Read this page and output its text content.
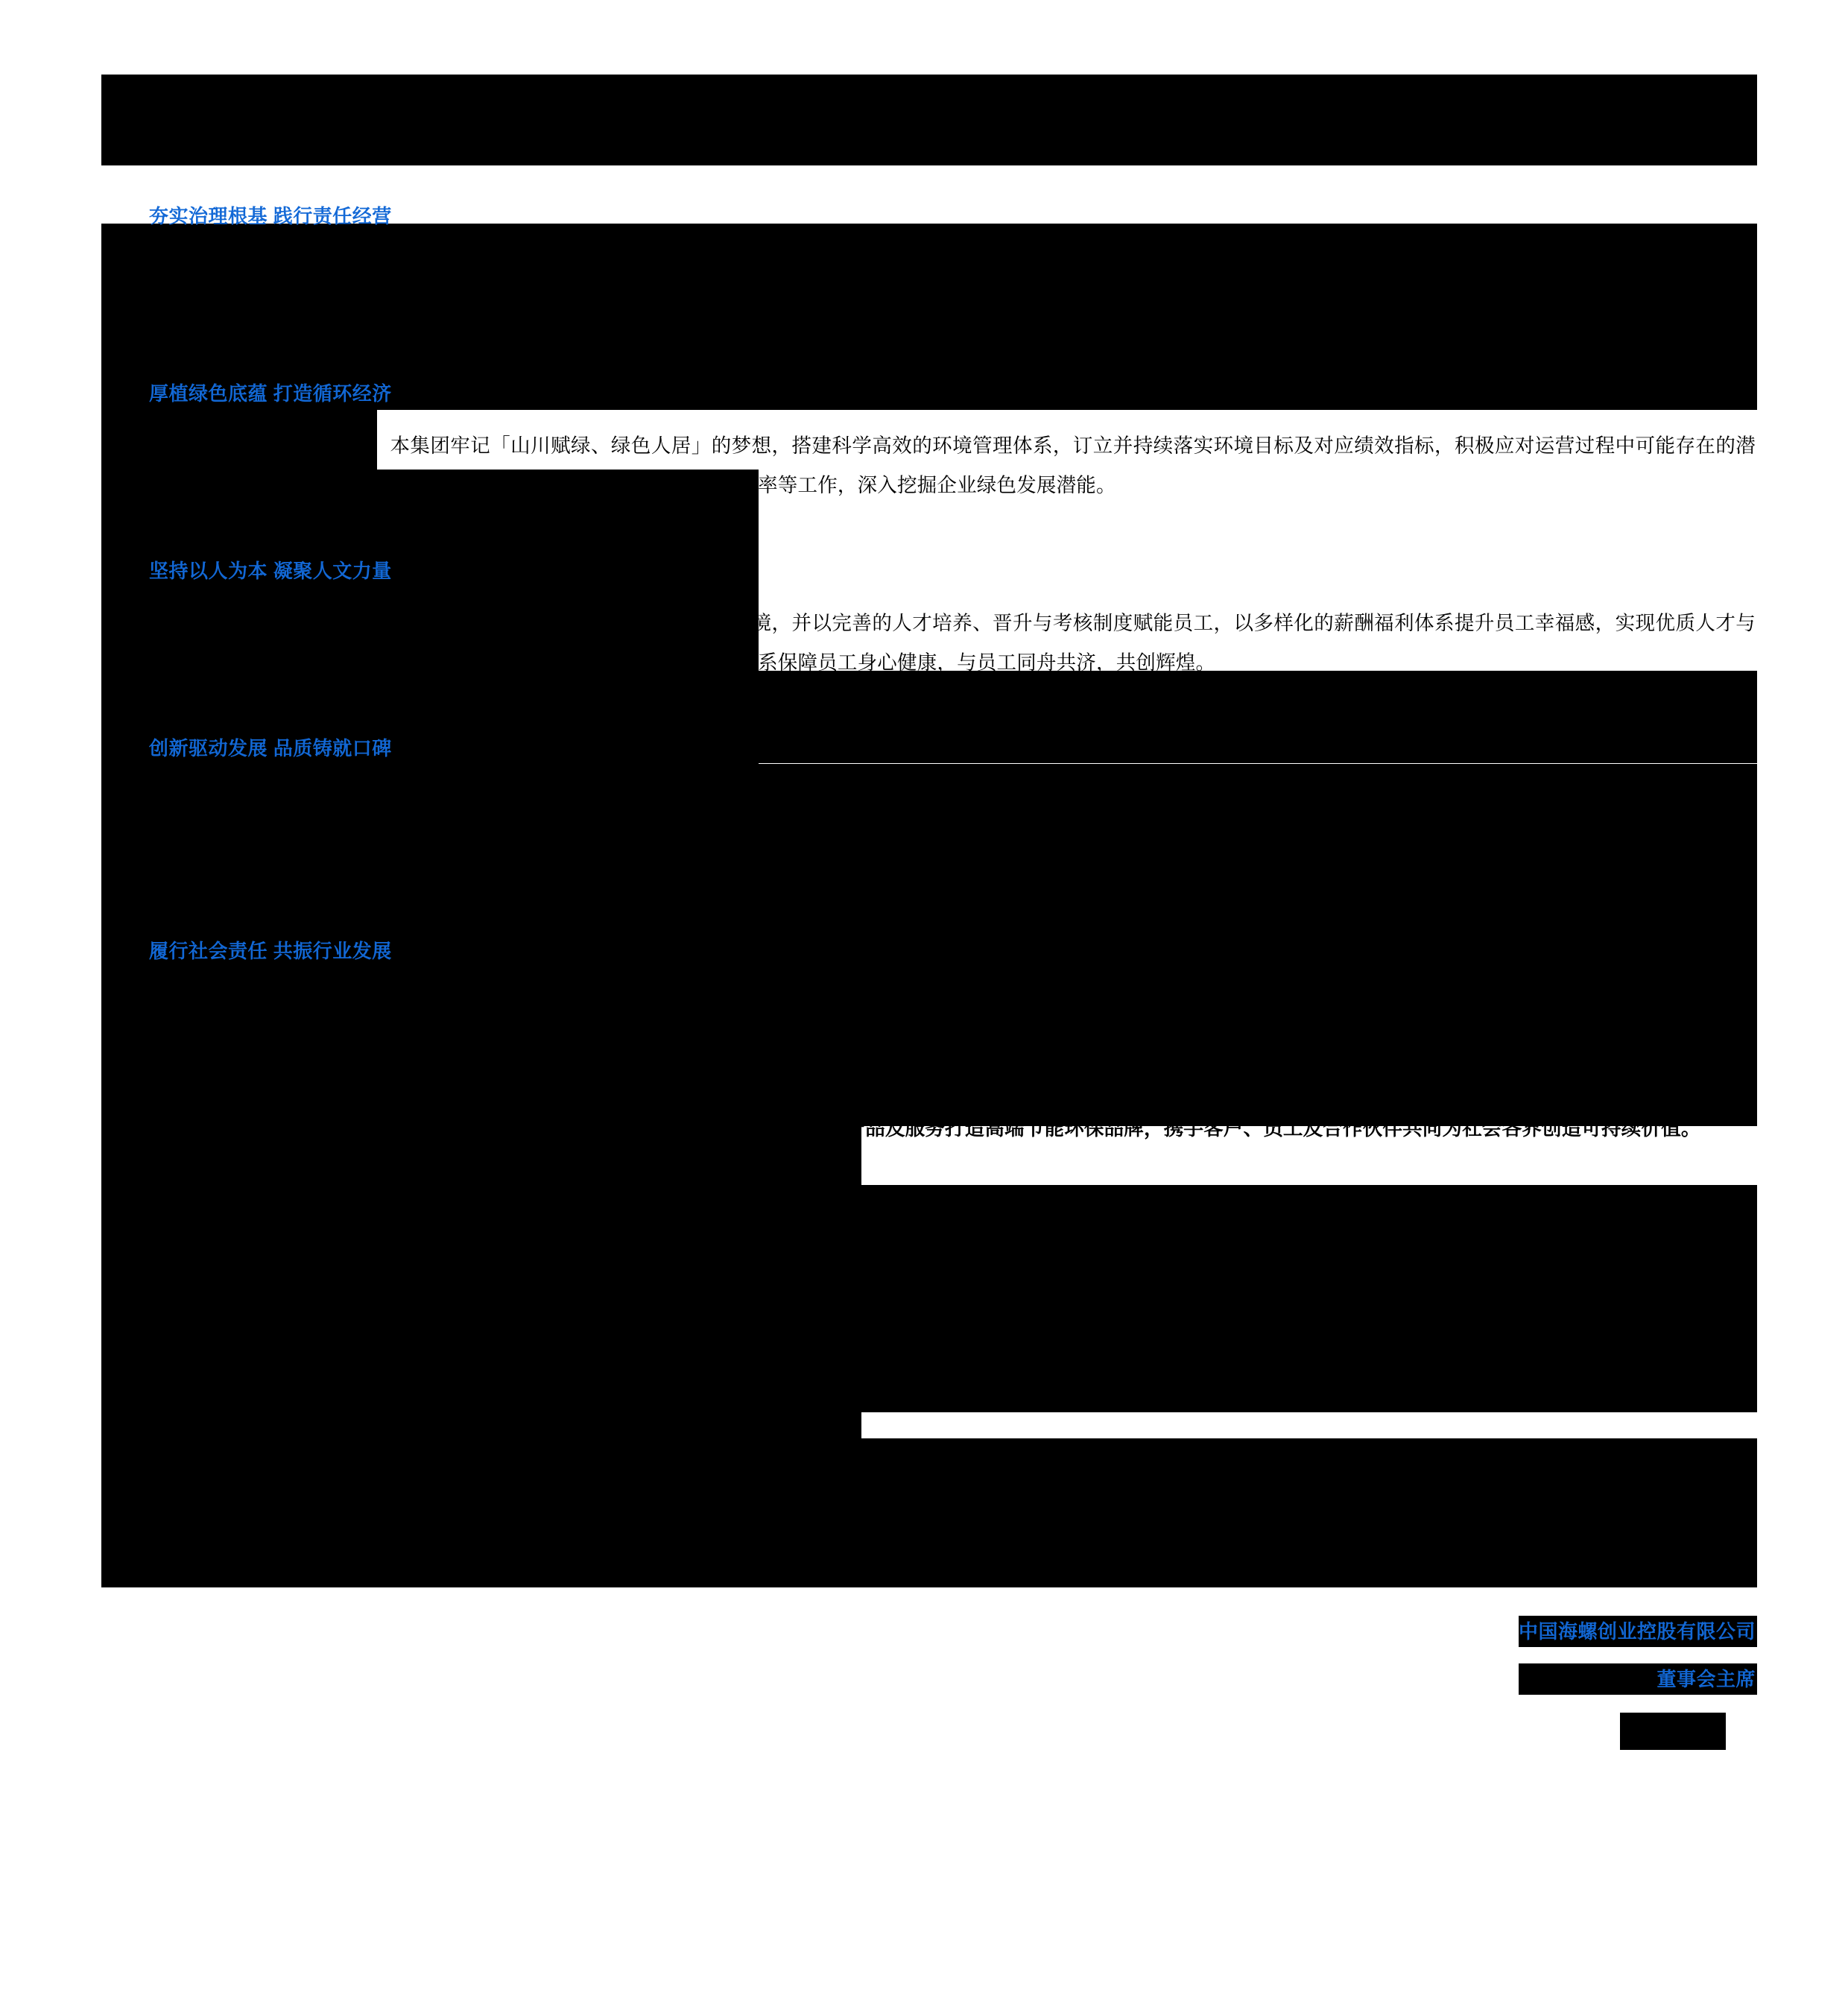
对于海螺创业而言，2023年是锐意进取的一年。本集团聚焦节能环保主业，向「新」而行，在卓越的环境、社会及公司治理实践中积蓄发展动能，为成为中国领先、世界一流的大型综合环保企业集团而不懈努力。

夯实治理根基 践行责任经营

本集团坚持守正合规运营，建立并持续完善ESG治理架构及企业管治体系，有效落实内部控制与审计机制，自上而下防范合规风险。我们亦将对利益相关方的责任与义务贯彻始终，稳步推进利益相关方沟通及重大性议题识别、梳理工作，以卓越的企业治理水平回馈各利益相关方，履行企业ESG责任。

厚植绿色底蕴 打造循环经济

作为环保行业的领先企业，本集团牢记「山川赋绿、绿色人居」的梦想，搭建科学高效的环境管理体系，订立并持续落实环境目标及对应绩效指标，积极应对运营过程中可能存在的潜在环境风险，并通过「三废」排放监测、打造碳管理平台、提升资源使用效率等工作，深入挖掘企业绿色发展潜能。

坚持以人为本 凝聚人文力量

本集团秉持开放、包容的姿态，着力为员工打造多元、平等的雇佣环境，并以完善的人才培养、晋升与考核制度赋能员工，以多样化的薪酬福利体系提升员工幸福感，实现优质人才与公司发展的同频共振。我们亦坚守安全红线，以健全有效的职业健康安全体系保障员工身心健康，与员工同舟共济，共创辉煌。

创新驱动发展 品质铸就口碑

本集团坚持以客户需求为导向，以质量塑口碑，扎根于完善的质量管理体系与严格的质量管控举措，广泛倾听并回应客户诉求，提升客户对产品的认可度与满意度。我们亦以创新技术驱动企业发展，着力推进知识产权保护及创新成果转化，并通过完善的创新管理与创新激励机制激发员工创新潜能，助推产品服务水平持续提升。

履行社会责任 共振行业发展

本集团始终不忘初心，坚持与社会各界保持良性互动，以行业建设与社会公益承载企业形象表达。我们充分发挥自身技术与资源优势，携手同行企业共同探索环保产业可持续发展道路。同时，我们扎根教育、扶贫、社区发展等公益领域，以实际行动践行企业担当，为实现「为人类未来创造美好家园」使命而不懈努力。

展望未来，海螺创业将继续保持强劲的发展态势，以更强大的创新力和更优质的产品及服务打造高端节能环保品牌，携手客户、员工及合作伙伴共同为社会各界创造可持续价值。

中国海螺创业控股有限公司
董事会主席
